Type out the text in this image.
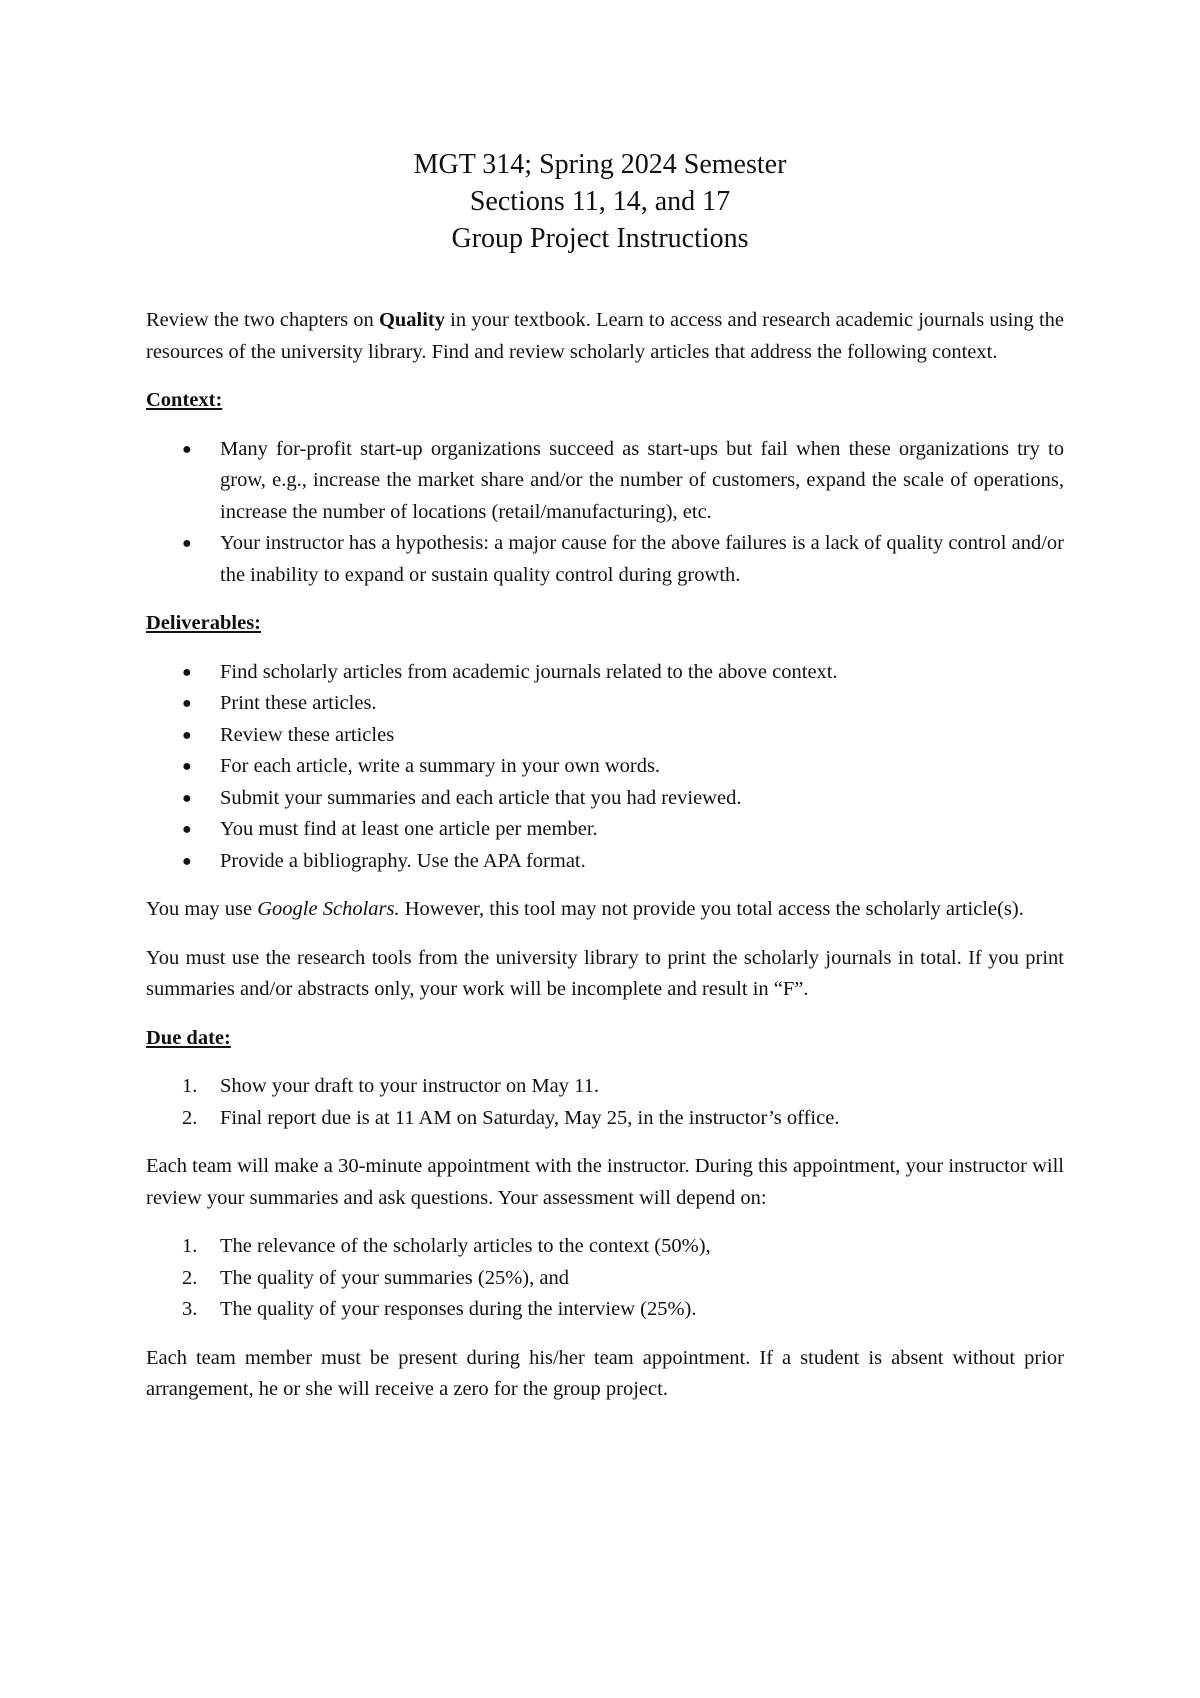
MGT 314; Spring 2024 Semester
Sections 11, 14, and 17
Group Project Instructions

Review the two chapters on Quality in your textbook. Learn to access and research academic journals using the resources of the university library. Find and review scholarly articles that address the following context.

Context:
● Many for-profit start-up organizations succeed as start-ups but fail when these organizations try to grow, e.g., increase the market share and/or the number of customers, expand the scale of operations, increase the number of locations (retail/manufacturing), etc.
● Your instructor has a hypothesis: a major cause for the above failures is a lack of quality control and/or the inability to expand or sustain quality control during growth.
Deliverables:
● Find scholarly articles from academic journals related to the above context.
● Print these articles.
● Review these articles
● For each article, write a summary in your own words.
● Submit your summaries and each article that you had reviewed.
● You must find at least one article per member.
● Provide a bibliography. Use the APA format.

You may use Google Scholars. However, this tool may not provide you total access the scholarly article(s).

You must use the research tools from the university library to print the scholarly journals in total. If you print summaries and/or abstracts only, your work will be incomplete and result in “F”.

Due date:
1. Show your draft to your instructor on May 11.
2. Final report due is at 11 AM on Saturday, May 25, in the instructor’s office.

Each team will make a 30-minute appointment with the instructor. During this appointment, your instructor will review your summaries and ask questions. Your assessment will depend on:

1. The relevance of the scholarly articles to the context (50%),
2. The quality of your summaries (25%), and
3. The quality of your responses during the interview (25%).

Each team member must be present during his/her team appointment. If a student is absent without prior arrangement, he or she will receive a zero for the group project.
